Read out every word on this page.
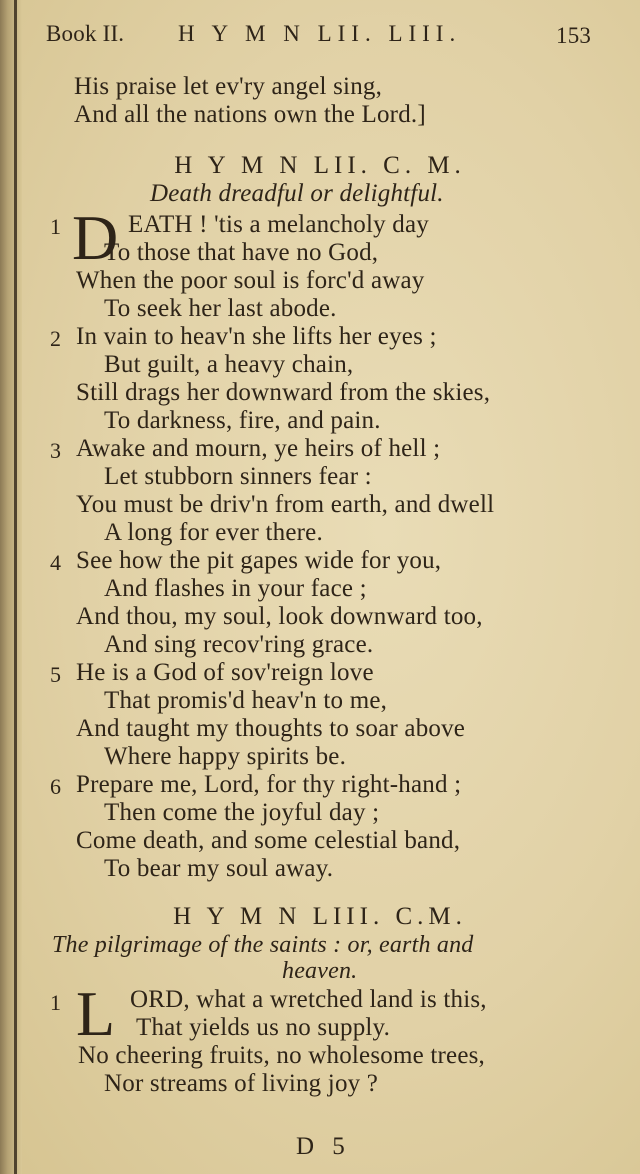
Book II. H Y M N LII. LIII.	153
His praise let ev'ry angel sing,
And all the nations own the Lord.]
H Y M N LII. C. M.
Death dreadful or delightful.
1 D EATH ! 'tis a melancholy day
To those that have no God,
When the poor soul is forc'd away
To seek her last abode.
2 In vain to heav'n she lifts her eyes ;
But guilt, a heavy chain,
Still drags her downward from the skies,
To darkness, fire, and pain.
3 Awake and mourn, ye heirs of hell ;
Let stubborn sinners fear :
You must be driv'n from earth, and dwell
A long for ever there.
4 See how the pit gapes wide for you,
And flashes in your face ;
And thou, my soul, look downward too,
And sing recov'ring grace.
5 He is a God of sov'reign love
That promis'd heav'n to me,
And taught my thoughts to soar above
Where happy spirits be.
6 Prepare me, Lord, for thy right-hand ;
Then come the joyful day ;
Come death, and some celestial band,
To bear my soul away.
H Y M N LIII. C.M.
The pilgrimage of the saints : or, earth and
heaven.
1 L ORD, what a wretched land is this,
That yields us no supply.
No cheering fruits, no wholesome trees,
Nor streams of living joy ?
D 5
